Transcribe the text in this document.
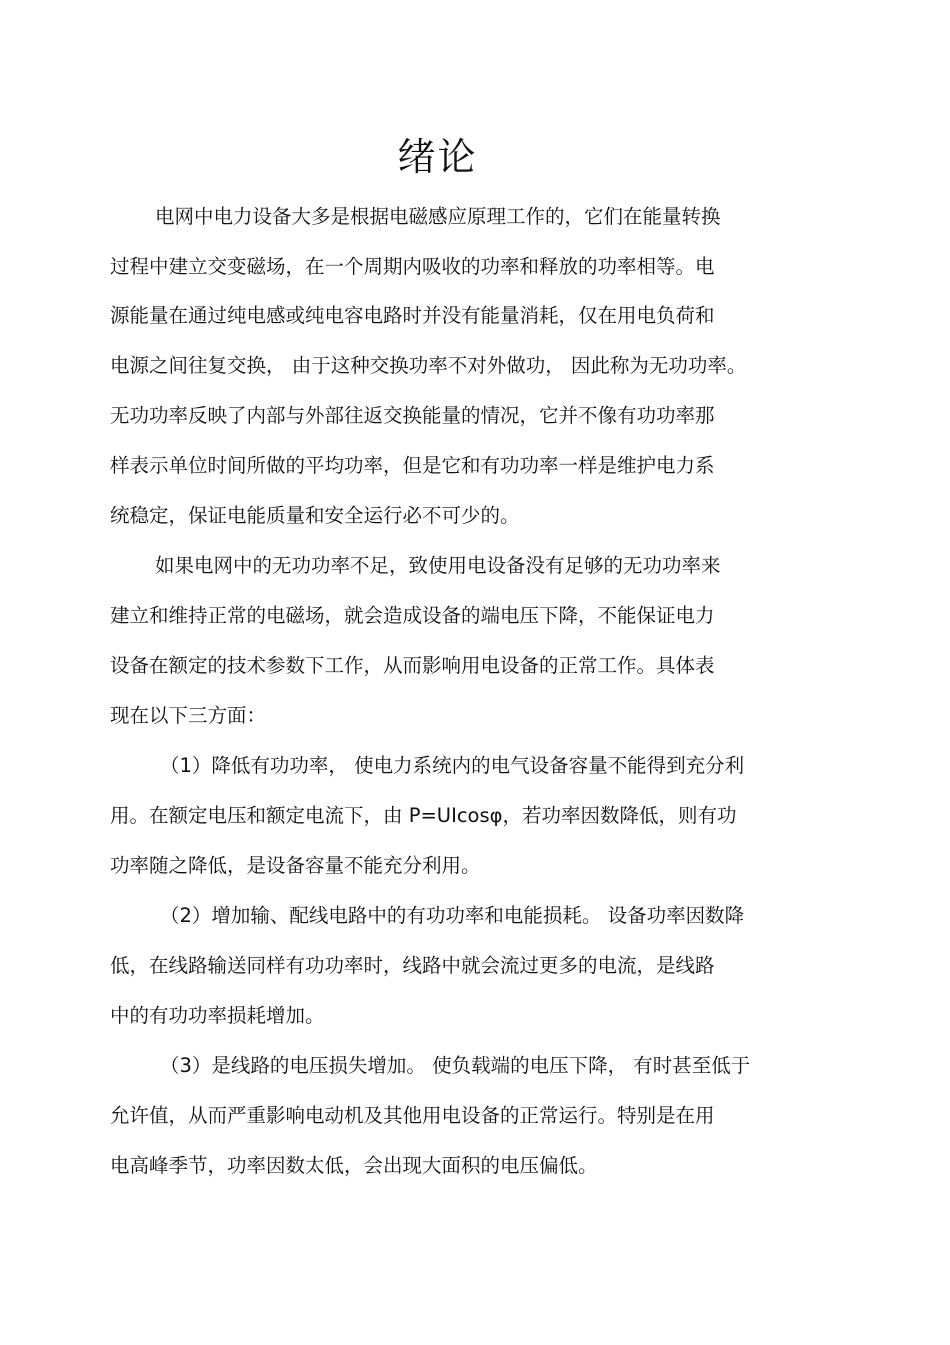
绪论
电网中电力设备大多是根据电磁感应原理工作的，它们在能量转换
过程中建立交变磁场，在一个周期内吸收的功率和释放的功率相等。电
源能量在通过纯电感或纯电容电路时并没有能量消耗，仅在用电负荷和
电源之间往复交换， 由于这种交换功率不对外做功， 因此称为无功功率。
无功功率反映了内部与外部往返交换能量的情况，它并不像有功功率那
样表示单位时间所做的平均功率，但是它和有功功率一样是维护电力系
统稳定，保证电能质量和安全运行必不可少的。
如果电网中的无功功率不足，致使用电设备没有足够的无功功率来
建立和维持正常的电磁场，就会造成设备的端电压下降，不能保证电力
设备在额定的技术参数下工作，从而影响用电设备的正常工作。具体表
现在以下三方面：
（1）降低有功功率， 使电力系统内的电气设备容量不能得到充分利
用。在额定电压和额定电流下，由 P=UIcosφ，若功率因数降低，则有功
功率随之降低，是设备容量不能充分利用。
（2）增加输、配线电路中的有功功率和电能损耗。 设备功率因数降
低，在线路输送同样有功功率时，线路中就会流过更多的电流，是线路
中的有功功率损耗增加。
（3）是线路的电压损失增加。 使负载端的电压下降， 有时甚至低于
允许值，从而严重影响电动机及其他用电设备的正常运行。特别是在用
电高峰季节，功率因数太低，会出现大面积的电压偏低。
